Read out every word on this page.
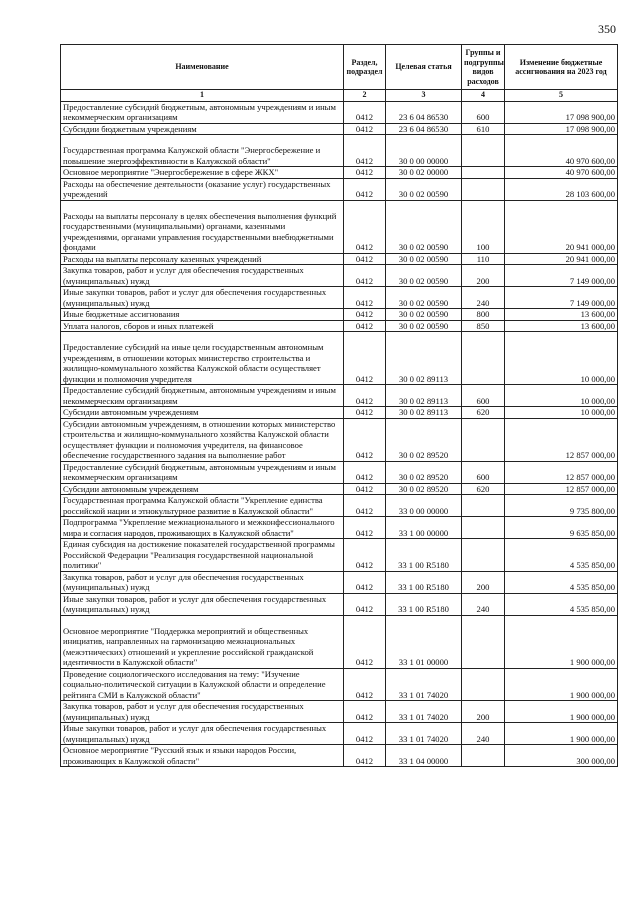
350
Наименование	Раздел, подраздел	Целевая статья	Группы и подгруппы видов расходов	Изменение бюджетные ассигнования на 2023 год
1	2	3	4	5
Предоставление субсидий бюджетным, автономным учреждениям и иным некоммерческим организациям	0412	23 6 04 86530	600	17 098 900,00
Субсидии бюджетным учреждениям	0412	23 6 04 86530	610	17 098 900,00
Государственная программа Калужской области "Энергосбережение и повышение энергоэффективности в Калужской области"	0412	30 0 00 00000		40 970 600,00
Основное мероприятие "Энергосбережение в сфере ЖКХ"	0412	30 0 02 00000		40 970 600,00
Расходы на обеспечение деятельности (оказание услуг) государственных учреждений	0412	30 0 02 00590		28 103 600,00
Расходы на выплаты персоналу в целях обеспечения выполнения функций государственными (муниципальными) органами, казенными учреждениями, органами управления государственными внебюджетными фондами	0412	30 0 02 00590	100	20 941 000,00
Расходы на выплаты персоналу казенных учреждений	0412	30 0 02 00590	110	20 941 000,00
Закупка товаров, работ и услуг для обеспечения государственных (муниципальных) нужд	0412	30 0 02 00590	200	7 149 000,00
Иные закупки товаров, работ и услуг для обеспечения государственных (муниципальных) нужд	0412	30 0 02 00590	240	7 149 000,00
Иные бюджетные ассигнования	0412	30 0 02 00590	800	13 600,00
Уплата налогов, сборов и иных платежей	0412	30 0 02 00590	850	13 600,00
Предоставление субсидий на иные цели государственным автономным учреждениям, в отношении которых министерство строительства и жилищно-коммунального хозяйства Калужской области осуществляет функции и полномочия учредителя	0412	30 0 02 89113		10 000,00
Предоставление субсидий бюджетным, автономным учреждениям и иным некоммерческим организациям	0412	30 0 02 89113	600	10 000,00
Субсидии автономным учреждениям	0412	30 0 02 89113	620	10 000,00
Субсидии автономным учреждениям, в отношении которых министерство строительства и жилищно-коммунального хозяйства Калужской области осуществляет функции и полномочия учредителя, на финансовое обеспечение государственного задания на выполнение работ	0412	30 0 02 89520		12 857 000,00
Предоставление субсидий бюджетным, автономным учреждениям и иным некоммерческим организациям	0412	30 0 02 89520	600	12 857 000,00
Субсидии автономным учреждениям	0412	30 0 02 89520	620	12 857 000,00
Государственная программа Калужской области "Укрепление единства российской нации и этнокультурное развитие в Калужской области"	0412	33 0 00 00000		9 735 800,00
Подпрограмма "Укрепление межнационального и межконфессионального мира и согласия народов, проживающих в Калужской области"	0412	33 1 00 00000		9 635 850,00
Единая субсидия на достижение показателей государственной программы Российской Федерации "Реализация государственной национальной политики"	0412	33 1 00 R5180		4 535 850,00
Закупка товаров, работ и услуг для обеспечения государственных (муниципальных) нужд	0412	33 1 00 R5180	200	4 535 850,00
Иные закупки товаров, работ и услуг для обеспечения государственных (муниципальных) нужд	0412	33 1 00 R5180	240	4 535 850,00
Основное мероприятие "Поддержка мероприятий и общественных инициатив, направленных на гармонизацию межнациональных (межэтнических) отношений и укрепление российской гражданской идентичности в Калужской области"	0412	33 1 01 00000		1 900 000,00
Проведение социологического исследования на тему: "Изучение социально-политической ситуации в Калужской области и определение рейтинга СМИ в Калужской области"	0412	33 1 01 74020		1 900 000,00
Закупка товаров, работ и услуг для обеспечения государственных (муниципальных) нужд	0412	33 1 01 74020	200	1 900 000,00
Иные закупки товаров, работ и услуг для обеспечения государственных (муниципальных) нужд	0412	33 1 01 74020	240	1 900 000,00
Основное мероприятие "Русский язык и языки народов России, проживающих в Калужской области"	0412	33 1 04 00000		300 000,00
